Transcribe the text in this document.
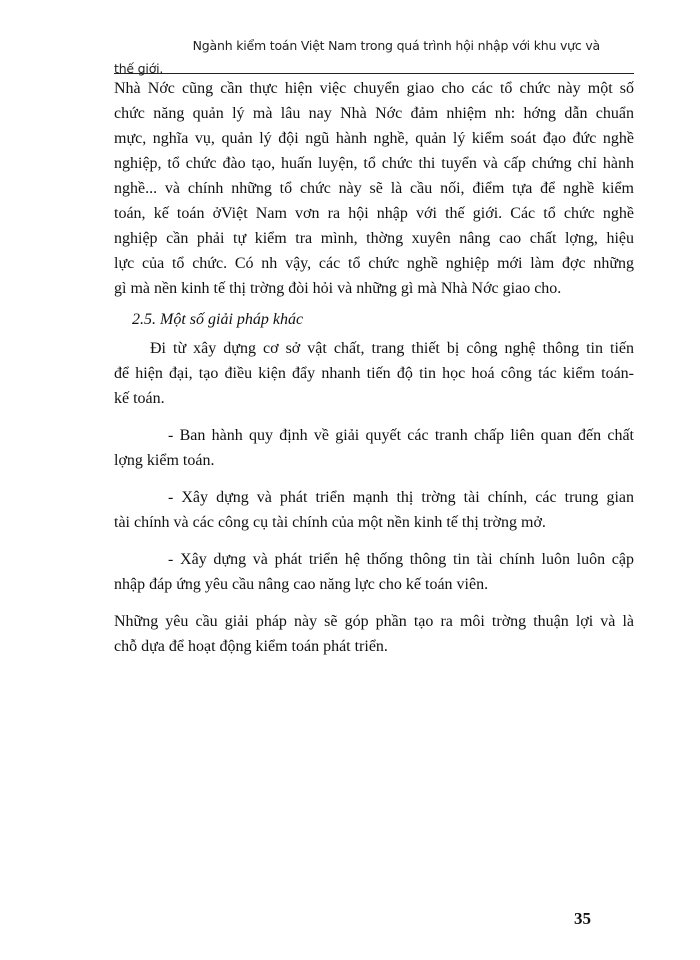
Ngành kiểm toán Việt Nam trong quá trình hội nhập với khu vực và
thế giới.

Nhà Nớc cũng cần thực hiện việc chuyển giao cho các tổ chức này một số
chức năng quản lý mà lâu nay Nhà Nớc đảm nhiệm nh: hớng dẫn chuẩn
mực, nghĩa vụ, quản lý đội ngũ hành nghề, quản lý kiểm soát đạo đức nghề
nghiệp, tổ chức đào tạo, huấn luyện, tổ chức thi tuyển và cấp chứng chỉ hành
nghề... và chính những tổ chức này sẽ là cầu nối, điểm tựa để nghề kiểm
toán, kế toán ởViệt Nam vơn ra hội nhập với thế giới. Các tổ chức nghề
nghiệp cần phải tự kiểm tra mình, thờng xuyên nâng cao chất lợng, hiệu
lực của tổ chức. Có nh vậy, các tổ chức nghề nghiệp mới làm đợc những
gì mà nền kinh tế thị trờng đòi hỏi và những gì mà Nhà Nớc giao cho.

2.5. Một số giải pháp khác

Đi từ xây dựng cơ sở vật chất, trang thiết bị công nghệ thông tin tiến
để hiện đại, tạo điều kiện đẩy nhanh tiến độ tin học hoá công tác kiểm toán-
kế toán.

- Ban hành quy định về giải quyết các tranh chấp liên quan đến chất
lợng kiểm toán.

- Xây dựng và phát triển mạnh thị trờng tài chính, các trung gian
tài chính và các công cụ tài chính của một nền kinh tế thị trờng mở.

- Xây dựng và phát triển hệ thống thông tin tài chính luôn luôn cập
nhập đáp ứng yêu cầu nâng cao năng lực cho kế toán viên.

Những yêu cầu giải pháp này sẽ góp phần tạo ra môi trờng thuận lợi và là
chỗ dựa để hoạt động kiểm toán phát triển.

35
